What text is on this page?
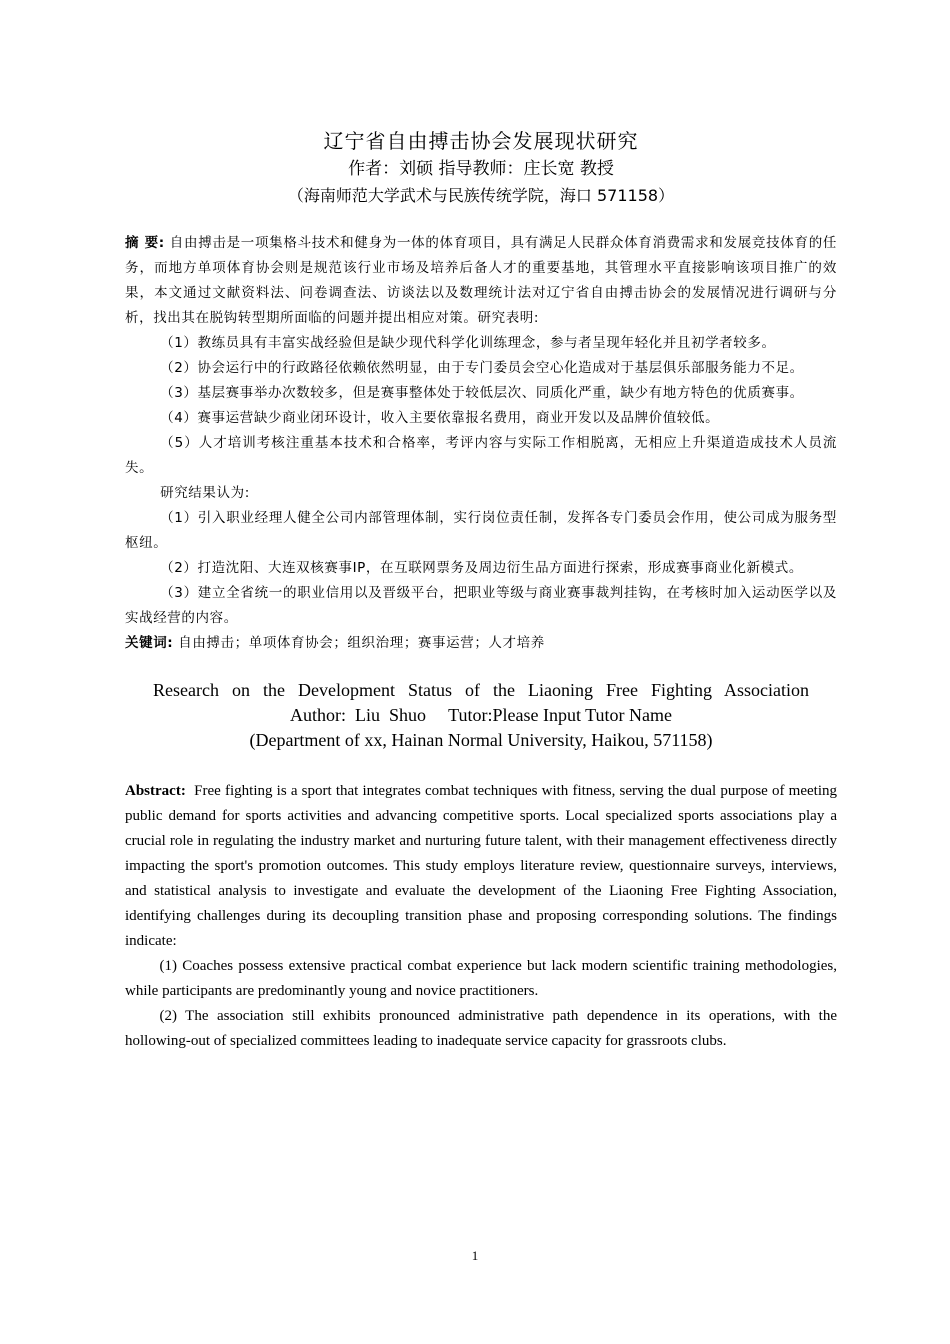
辽宁省自由搏击协会发展现状研究
作者：刘硕 指导教师：庄长宽 教授
（海南师范大学武术与民族传统学院，海口 571158）

摘 要: 自由搏击是一项集格斗技术和健身为一体的体育项目，具有满足人民群众体育消费需求和发展竞技体育的任务，而地方单项体育协会则是规范该行业市场及培养后备人才的重要基地，其管理水平直接影响该项目推广的效果，本文通过文献资料法、问卷调查法、访谈法以及数理统计法对辽宁省自由搏击协会的发展情况进行调研与分析，找出其在脱钩转型期所面临的问题并提出相应对策。研究表明:

（1）教练员具有丰富实战经验但是缺少现代科学化训练理念，参与者呈现年轻化并且初学者较多。

（2）协会运行中的行政路径依赖依然明显，由于专门委员会空心化造成对于基层俱乐部服务能力不足。

（3）基层赛事举办次数较多，但是赛事整体处于较低层次、同质化严重，缺少有地方特色的优质赛事。

（4）赛事运营缺少商业闭环设计，收入主要依靠报名费用，商业开发以及品牌价值较低。

（5）人才培训考核注重基本技术和合格率，考评内容与实际工作相脱离，无相应上升渠道造成技术人员流失。

研究结果认为:

（1）引入职业经理人健全公司内部管理体制，实行岗位责任制，发挥各专门委员会作用，使公司成为服务型枢纽。

（2）打造沈阳、大连双核赛事IP，在互联网票务及周边衍生品方面进行探索，形成赛事商业化新模式。

（3）建立全省统一的职业信用以及晋级平台，把职业等级与商业赛事裁判挂钩，在考核时加入运动医学以及实战经营的内容。

关键词: 自由搏击；单项体育协会；组织治理；赛事运营；人才培养

Research on the Development Status of the Liaoning Free Fighting Association
Author:  Liu  Shuo     Tutor:Please Input Tutor Name
(Department of xx, Hainan Normal University, Haikou, 571158)

Abstract: Free fighting is a sport that integrates combat techniques with fitness, serving the dual purpose of meeting public demand for sports activities and advancing competitive sports. Local specialized sports associations play a crucial role in regulating the industry market and nurturing future talent, with their management effectiveness directly impacting the sport's promotion outcomes. This study employs literature review, questionnaire surveys, interviews, and statistical analysis to investigate and evaluate the development of the Liaoning Free Fighting Association, identifying challenges during its decoupling transition phase and proposing corresponding solutions. The findings indicate:

(1) Coaches possess extensive practical combat experience but lack modern scientific training methodologies, while participants are predominantly young and novice practitioners.

(2) The association still exhibits pronounced administrative path dependence in its operations, with the hollowing-out of specialized committees leading to inadequate service capacity for grassroots clubs.

1
